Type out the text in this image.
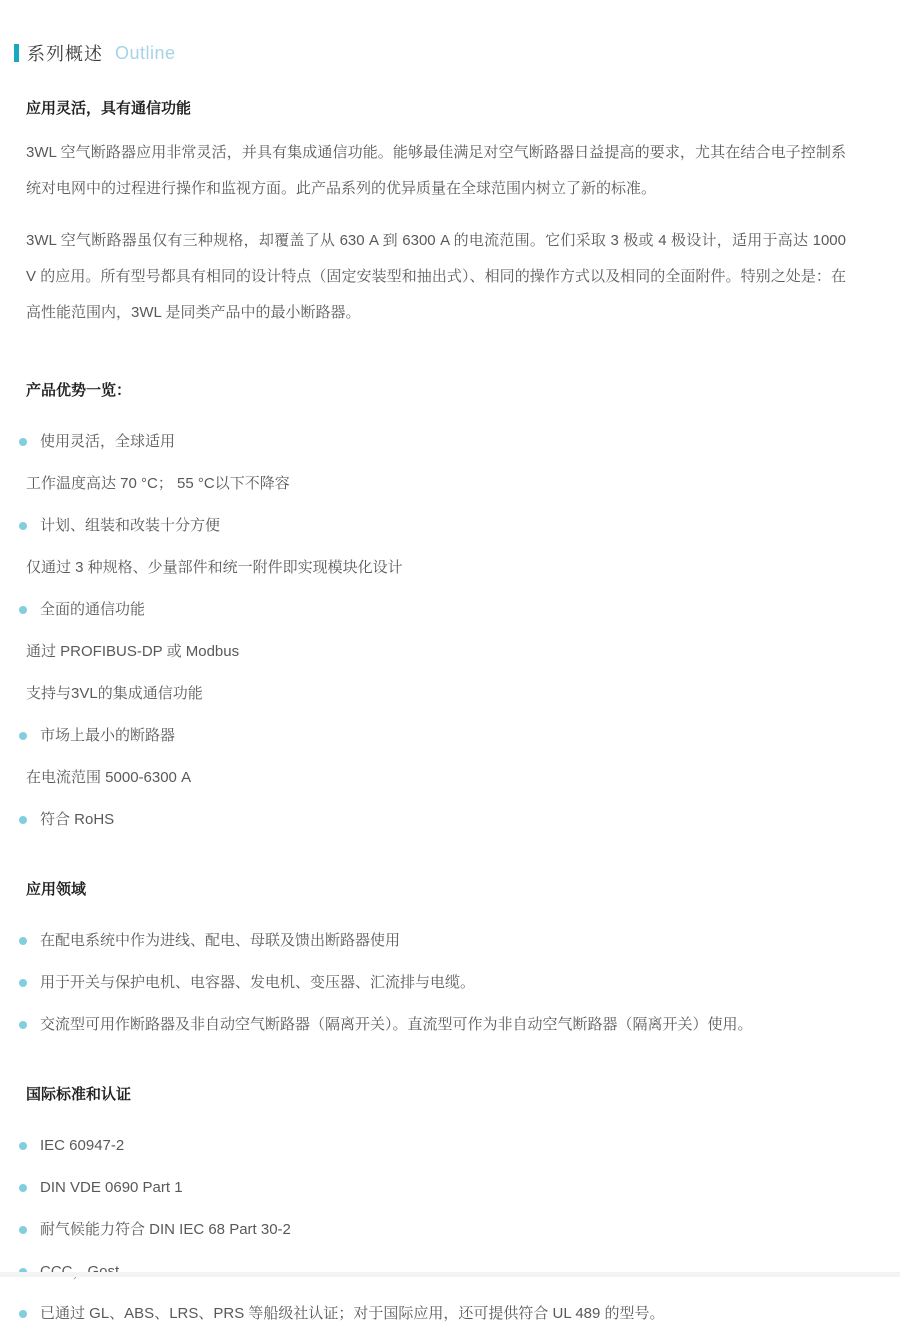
系列概述 Outline
应用灵活，具有通信功能

3WL 空气断路器应用非常灵活，并具有集成通信功能。能够最佳满足对空气断路器日益提高的要求，尤其在结合电子控制系统对电网中的过程进行操作和监视方面。此产品系列的优异质量在全球范围内树立了新的标准。

3WL 空气断路器虽仅有三种规格，却覆盖了从 630 A 到 6300 A 的电流范围。它们采取 3 极或 4 极设计，适用于高达 1000 V 的应用。所有型号都具有相同的设计特点（固定安装型和抽出式）、相同的操作方式以及相同的全面附件。特别之处是：在高性能范围内，3WL 是同类产品中的最小断路器。

产品优势一览：
使用灵活，全球适用
工作温度高达 70 °C； 55 °C以下不降容
计划、组装和改装十分方便
仅通过 3 种规格、少量部件和统一附件即实现模块化设计
全面的通信功能
通过 PROFIBUS-DP 或 Modbus
支持与3VL的集成通信功能
市场上最小的断路器
在电流范围 5000-6300 A
符合 RoHS
应用领域
在配电系统中作为进线、配电、母联及馈出断路器使用
用于开关与保护电机、电容器、发电机、变压器、汇流排与电缆。
交流型可用作断路器及非自动空气断路器（隔离开关）。直流型可作为非自动空气断路器（隔离开关）使用。
国际标准和认证
IEC 60947-2
DIN VDE 0690 Part 1
耐气候能力符合 DIN IEC 68 Part 30-2
已通过 GL、ABS、LRS、PRS 等船级社认证；对于国际应用，还可提供符合 UL 489 的型号。
